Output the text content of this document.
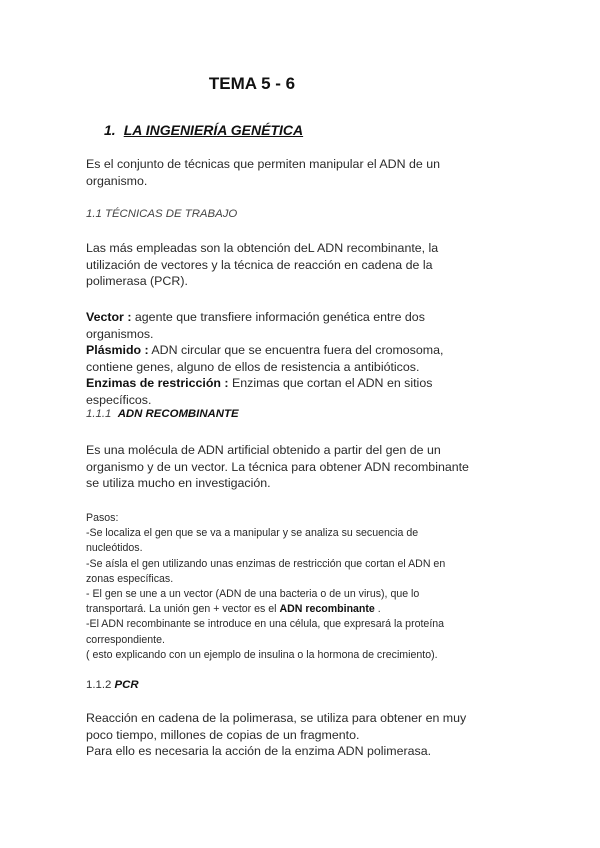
TEMA 5 - 6
1. LA INGENIERÍA GENÉTICA
Es el conjunto de técnicas que permiten manipular el ADN de un
organismo.
1.1 TÉCNICAS DE TRABAJO
Las más empleadas son la obtención deL ADN recombinante, la
utilización de vectores y la técnica de reacción en cadena de la
polimerasa (PCR).
Vector : agente que transfiere información genética entre dos
organismos.
Plásmido : ADN circular que se encuentra fuera del cromosoma,
contiene genes, alguno de ellos de resistencia a antibióticos.
Enzimas de restricción : Enzimas que cortan el ADN en sitios
específicos.
1.1.1 ADN RECOMBINANTE
Es una molécula de ADN artificial obtenido a partir del gen de un
organismo y de un vector. La técnica para obtener ADN recombinante
se utiliza mucho en investigación.
Pasos:
-Se localiza el gen que se va a manipular y se analiza su secuencia de
nucleótidos.
-Se aísla el gen utilizando unas enzimas de restricción que cortan el ADN en
zonas específicas.
- El gen se une a un vector (ADN de una bacteria o de un virus), que lo
transportará. La unión gen + vector es el ADN recombinante .
-El ADN recombinante se introduce en una célula, que expresará la proteína
correspondiente.
( esto explicando con un ejemplo de insulina o la hormona de crecimiento).
1.1.2 PCR
Reacción en cadena de la polimerasa, se utiliza para obtener en muy
poco tiempo, millones de copias de un fragmento.
Para ello es necesaria la acción de la enzima ADN polimerasa.
